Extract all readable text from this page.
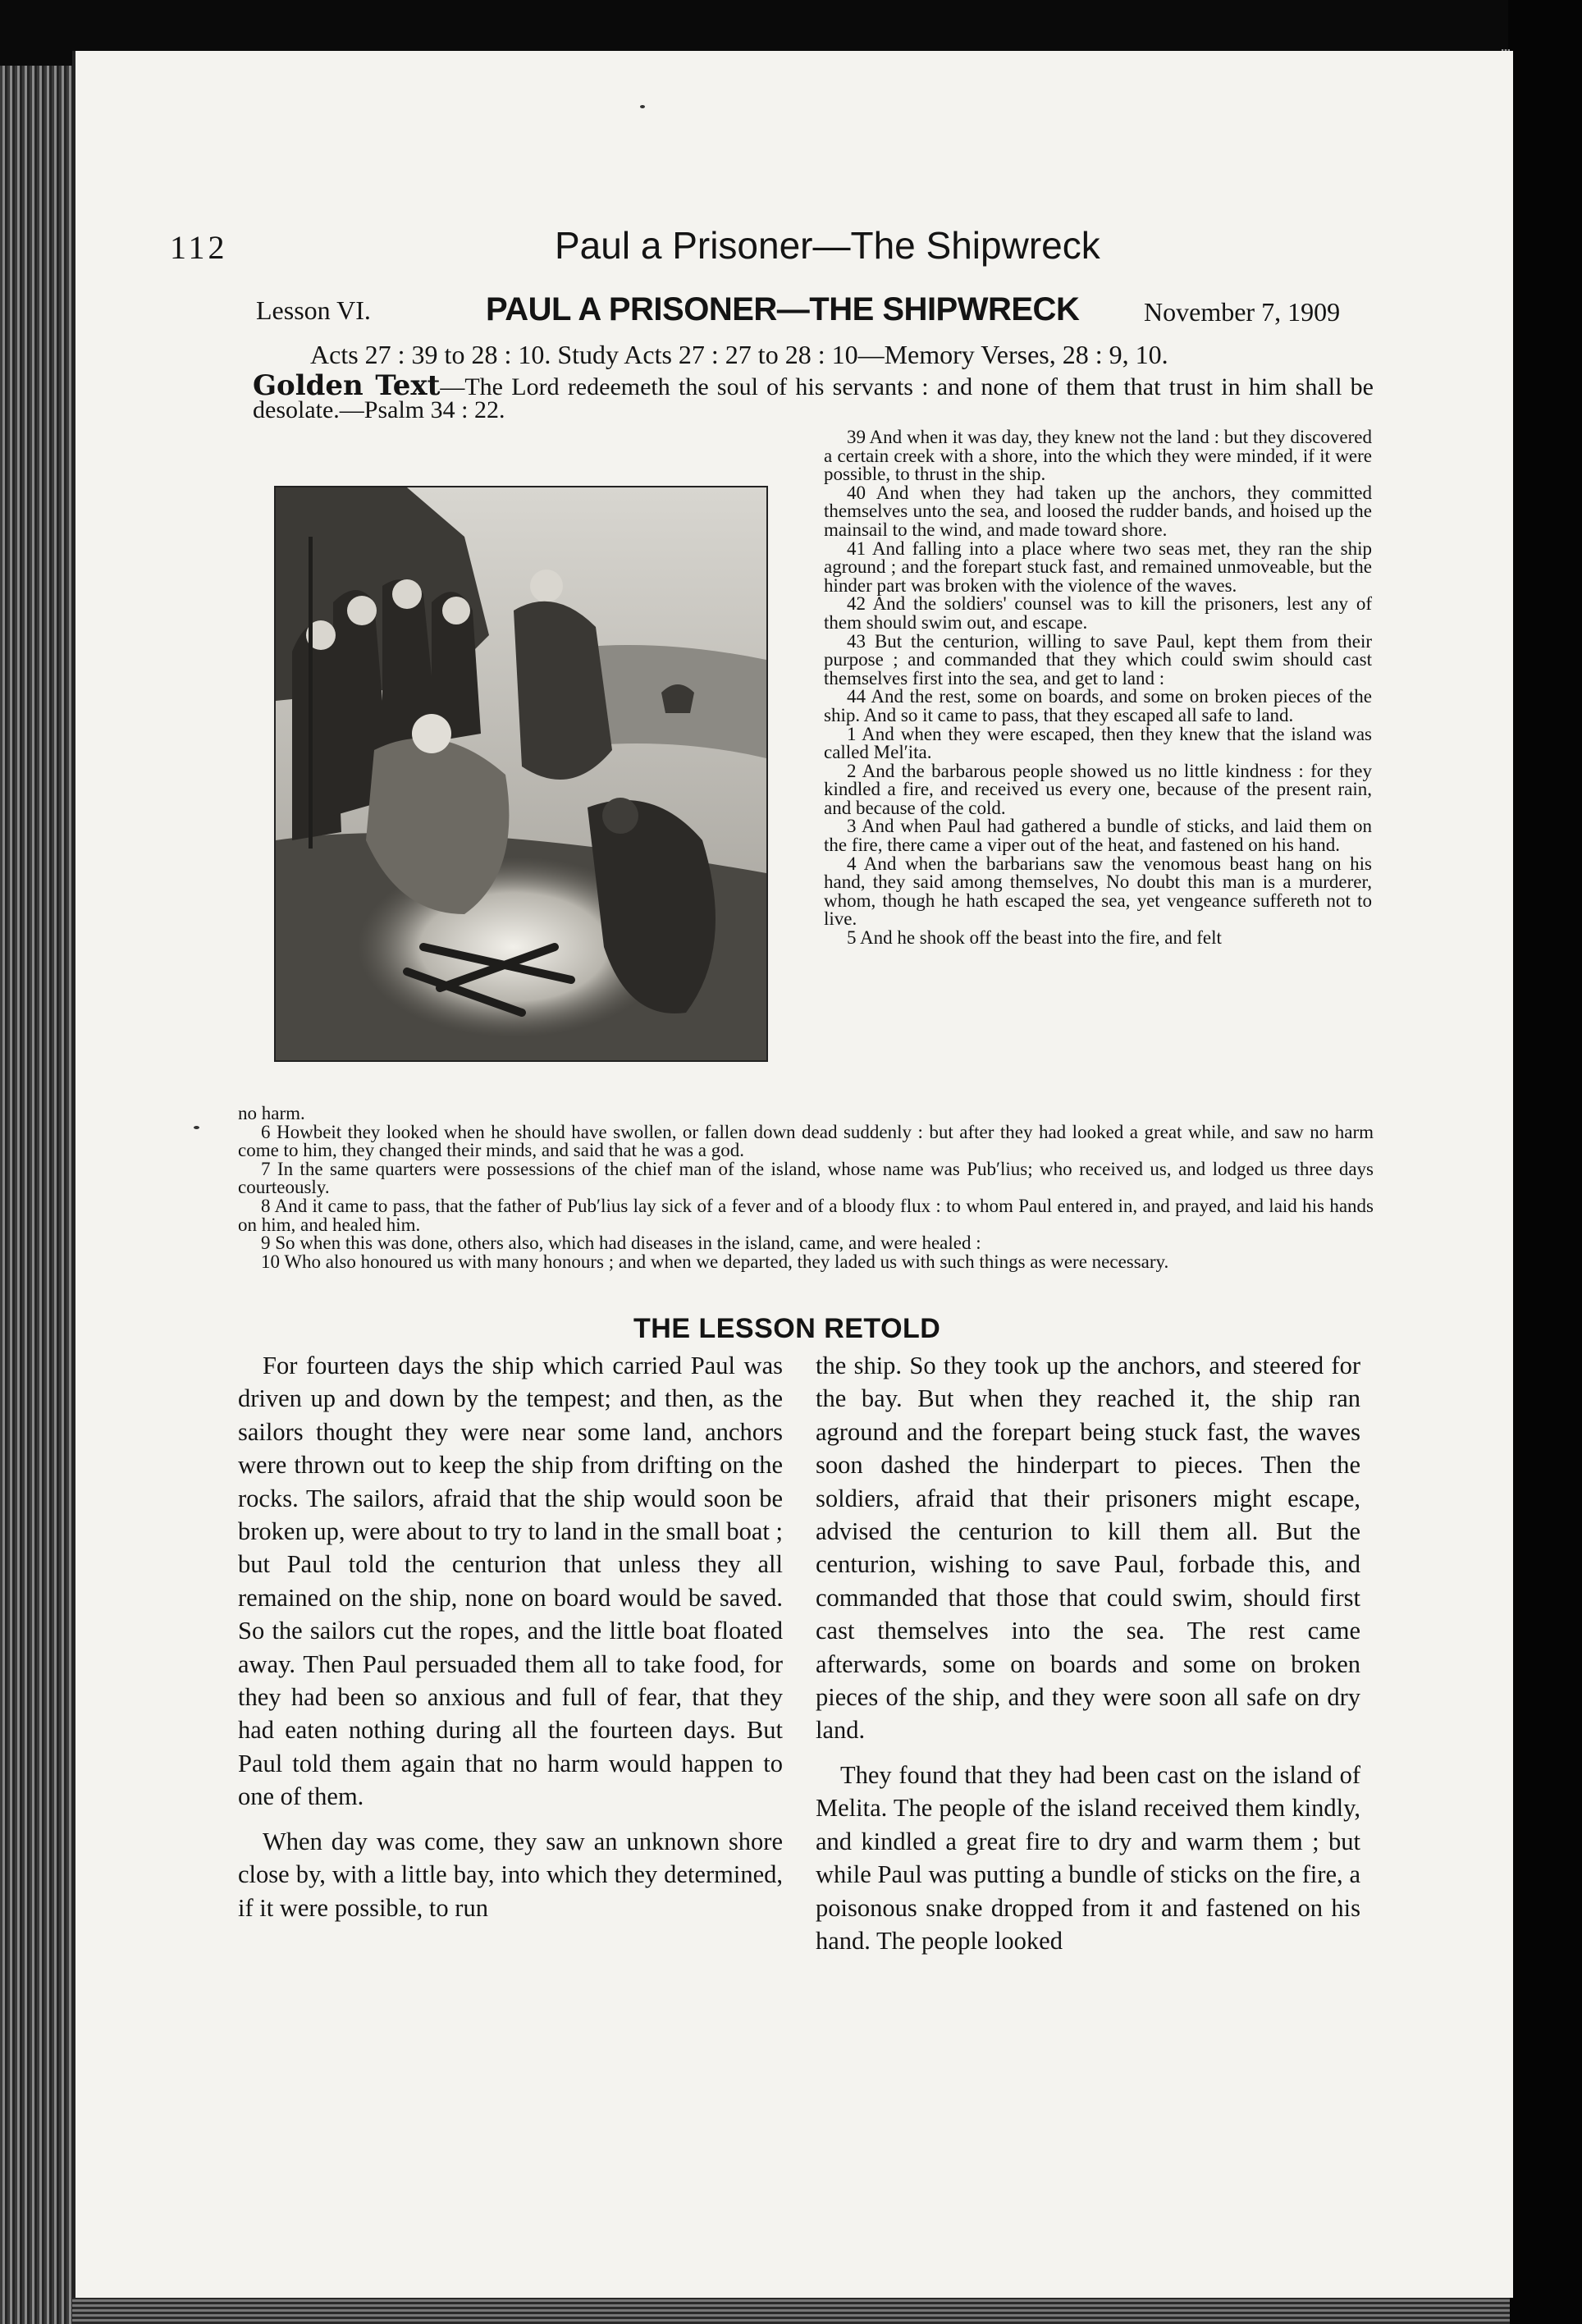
112	Paul a Prisoner—The Shipwreck
Lesson VI.	PAUL A PRISONER—THE SHIPWRECK November 7, 1909
Acts 27 : 39 to 28 : 10. Study Acts 27 : 27 to 28 : 10—Memory Verses, 28 : 9, 10.
Golden Text—The Lord redeemeth the soul of his servants : and none of them that trust in him shall be desolate.—Psalm 34 : 22.

39 And when it was day, they knew not the land : but they discovered a certain creek with a shore, into the which they were minded, if it were possible, to thrust in the ship.

40 And when they had taken up the anchors, they committed themselves unto the sea, and loosed the rudder bands, and hoised up the mainsail to the wind, and made toward shore.

41 And falling into a place where two seas met, they ran the ship aground ; and the forepart stuck fast, and remained unmoveable, but the hinder part was broken with the violence of the waves.

42 And the soldiers' counsel was to kill the prisoners, lest any of them should swim out, and escape.

43 But the centurion, willing to save Paul, kept them from their purpose ; and commanded that they which could swim should cast themselves first into the sea, and get to land :

44 And the rest, some on boards, and some on broken pieces of the ship. And so it came to pass, that they escaped all safe to land.

1 And when they were escaped, then they knew that the island was called Melʹita.

2 And the barbarous people showed us no little kindness : for they kindled a fire, and received us every one, because of the present rain, and because of the cold.

3 And when Paul had gathered a bundle of sticks, and laid them on the fire, there came a viper out of the heat, and fastened on his hand.

4 And when the barbarians saw the venomous beast hang on his hand, they said among themselves, No doubt this man is a murderer, whom, though he hath escaped the sea, yet vengeance suffereth not to live.

5 And he shook off the beast into the fire, and felt

no harm.

6 Howbeit they looked when he should have swollen, or fallen down dead suddenly : but after they had looked a great while, and saw no harm come to him, they changed their minds, and said that he was a god.

7 In the same quarters were possessions of the chief man of the island, whose name was Pubʹlius; who received us, and lodged us three days courteously.

8 And it came to pass, that the father of Pubʹlius lay sick of a fever and of a bloody flux : to whom Paul entered in, and prayed, and laid his hands on him, and healed him.

9 So when this was done, others also, which had diseases in the island, came, and were healed :

10 Who also honoured us with many honours ; and when we departed, they laded us with such things as were necessary.

THE LESSON RETOLD

For fourteen days the ship which carried Paul was driven up and down by the tempest; and then, as the sailors thought they were near some land, anchors were thrown out to keep the ship from drifting on the rocks. The sailors, afraid that the ship would soon be broken up, were about to try to land in the small boat ; but Paul told the centurion that unless they all remained on the ship, none on board would be saved. So the sailors cut the ropes, and the little boat floated away. Then Paul persuaded them all to take food, for they had been so anxious and full of fear, that they had eaten nothing during all the fourteen days. But Paul told them again that no harm would happen to one of them.

When day was come, they saw an unknown shore close by, with a little bay, into which they determined, if it were possible, to run

the ship. So they took up the anchors, and steered for the bay. But when they reached it, the ship ran aground and the forepart being stuck fast, the waves soon dashed the hinderpart to pieces. Then the soldiers, afraid that their prisoners might escape, advised the centurion to kill them all. But the centurion, wishing to save Paul, forbade this, and commanded that those that could swim, should first cast themselves into the sea. The rest came afterwards, some on boards and some on broken pieces of the ship, and they were soon all safe on dry land.

They found that they had been cast on the island of Melita. The people of the island received them kindly, and kindled a great fire to dry and warm them ; but while Paul was putting a bundle of sticks on the fire, a poisonous snake dropped from it and fastened on his hand. The people looked
